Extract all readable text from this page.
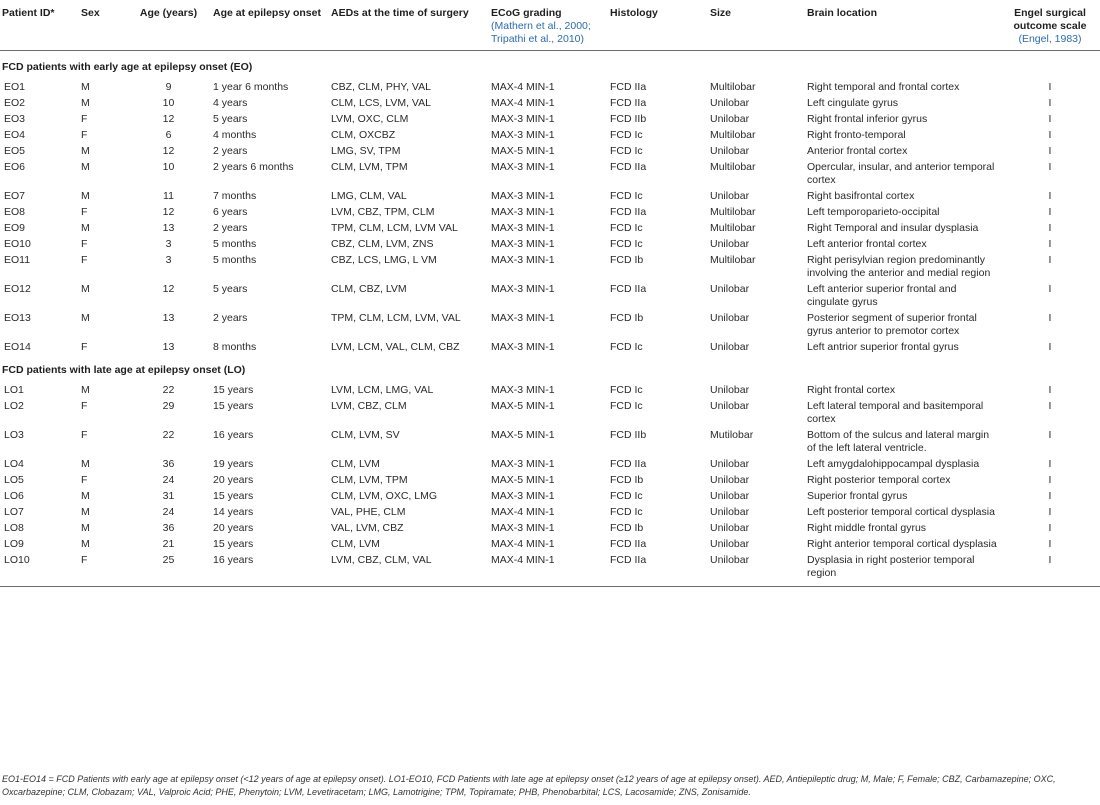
Patient ID*	Sex	Age (years)	Age at epilepsy onset	AEDs at the time of surgery	ECoG grading
(Mathern et al., 2000; Tripathi et al., 2010)	Histology	Size	Brain location	Engel surgical outcome scale (Engel, 1983)
FCD patients with early age at epilepsy onset (EO)									
EO1	M	9	1 year 6 months	CBZ, CLM, PHY, VAL	MAX-4 MIN-1	FCD IIa	Multilobar	Right temporal and frontal cortex	I
EO2	M	10	4 years	CLM, LCS, LVM, VAL	MAX-4 MIN-1	FCD IIa	Unilobar	Left cingulate gyrus	I
EO3	F	12	5 years	LVM, OXC, CLM	MAX-3 MIN-1	FCD IIb	Unilobar	Right frontal inferior gyrus	I
EO4	F	6	4 months	CLM, OXCBZ	MAX-3 MIN-1	FCD Ic	Multilobar	Right fronto-temporal	I
EO5	M	12	2 years	LMG, SV, TPM	MAX-5 MIN-1	FCD Ic	Unilobar	Anterior frontal cortex	I
EO6	M	10	2 years 6 months	CLM, LVM, TPM	MAX-3 MIN-1	FCD IIa	Multilobar	Opercular, insular, and anterior temporal cortex	I
EO7	M	11	7 months	LMG, CLM, VAL	MAX-3 MIN-1	FCD Ic	Unilobar	Right basifrontal cortex	I
EO8	F	12	6 years	LVM, CBZ, TPM, CLM	MAX-3 MIN-1	FCD IIa	Multilobar	Left temporoparieto-occipital	I
EO9	M	13	2 years	TPM, CLM, LCM, LVM VAL	MAX-3 MIN-1	FCD Ic	Multilobar	Right Temporal and insular dysplasia	I
EO10	F	3	5 months	CBZ, CLM, LVM, ZNS	MAX-3 MIN-1	FCD Ic	Unilobar	Left anterior frontal cortex	I
EO11	F	3	5 months	CBZ, LCS, LMG, L VM	MAX-3 MIN-1	FCD Ib	Multilobar	Right perisylvian region predominantly involving the anterior and medial region	I
EO12	M	12	5 years	CLM, CBZ, LVM	MAX-3 MIN-1	FCD IIa	Unilobar	Left anterior superior frontal and cingulate gyrus	I
EO13	M	13	2 years	TPM, CLM, LCM, LVM, VAL	MAX-3 MIN-1	FCD Ib	Unilobar	Posterior segment of superior frontal gyrus anterior to premotor cortex	I
EO14	F	13	8 months	LVM, LCM, VAL, CLM, CBZ	MAX-3 MIN-1	FCD Ic	Unilobar	Left antrior superior frontal gyrus	I
FCD patients with late age at epilepsy onset (LO)									
LO1	M	22	15 years	LVM, LCM, LMG, VAL	MAX-3 MIN-1	FCD Ic	Unilobar	Right frontal cortex	I
LO2	F	29	15 years	LVM, CBZ, CLM	MAX-5 MIN-1	FCD Ic	Unilobar	Left lateral temporal and basitemporal cortex	I
LO3	F	22	16 years	CLM, LVM, SV	MAX-5 MIN-1	FCD IIb	Mutilobar	Bottom of the sulcus and lateral margin of the left lateral ventricle.	I
LO4	M	36	19 years	CLM, LVM	MAX-3 MIN-1	FCD IIa	Unilobar	Left amygdalohippocampal dysplasia	I
LO5	F	24	20 years	CLM, LVM, TPM	MAX-5 MIN-1	FCD Ib	Unilobar	Right posterior temporal cortex	I
LO6	M	31	15 years	CLM, LVM, OXC, LMG	MAX-3 MIN-1	FCD Ic	Unilobar	Superior frontal gyrus	I
LO7	M	24	14 years	VAL, PHE, CLM	MAX-4 MIN-1	FCD Ic	Unilobar	Left posterior temporal cortical dysplasia	I
LO8	M	36	20 years	VAL, LVM, CBZ	MAX-3 MIN-1	FCD Ib	Unilobar	Right middle frontal gyrus	I
LO9	M	21	15 years	CLM, LVM	MAX-4 MIN-1	FCD IIa	Unilobar	Right anterior temporal cortical dysplasia	I
LO10	F	25	16 years	LVM, CBZ, CLM, VAL	MAX-4 MIN-1	FCD IIa	Unilobar	Dysplasia in right posterior temporal region	I
EO1-EO14 = FCD Patients with early age at epilepsy onset (<12 years of age at epilepsy onset). LO1-EO10, FCD Patients with late age at epilepsy onset (≥12 years of age at epilepsy onset). AED, Antiepileptic drug; M, Male; F, Female; CBZ, Carbamazepine; OXC, Oxcarbazepine; CLM, Clobazam; VAL, Valproic Acid; PHE, Phenytoin; LVM, Levetiracetam; LMG, Lamotrigine; TPM, Topiramate; PHB, Phenobarbital; LCS, Lacosamide; ZNS, Zonisamide.
